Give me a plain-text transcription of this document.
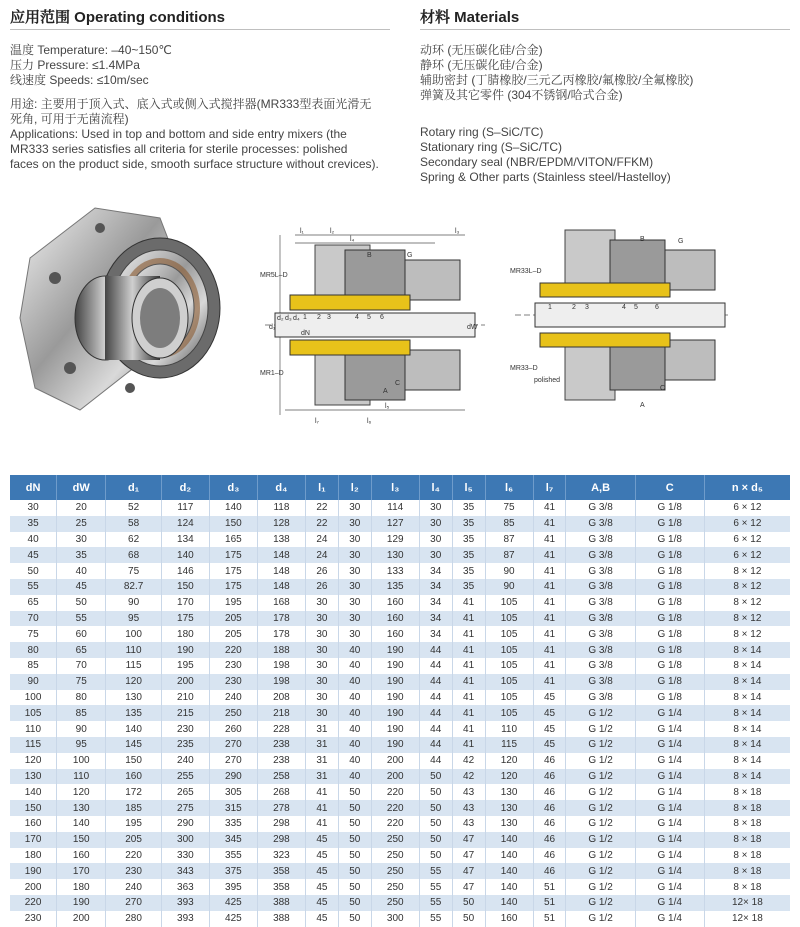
应用范围 Operating conditions
温度 Temperature: –40~150℃
压力 Pressure: ≤1.4MPa
线速度 Speeds: ≤10m/sec
用途: 主要用于顶入式、底入式或侧入式搅拌器(MR333型表面光滑无
死角, 可用于无菌流程)
Applications: Used in top and bottom and side entry mixers (the
MR333 series satisfies all criteria for sterile processes: polished
faces on the product side, smooth surface structure without crevices).
材料 Materials
动环 (无压碳化硅/合金)
静环 (无压碳化硅/合金)
辅助密封 (丁腈橡胶/三元乙丙橡胶/氟橡胶/全氟橡胶)
弹簧及其它零件 (304不锈钢/哈式合金)
Rotary ring (S–SiC/TC)
Stationary ring (S–SiC/TC)
Secondary seal (NBR/EPDM/VITON/FFKM)
Spring & Other parts (Stainless steel/Hastelloy)
MR5L–D
MR1–D
B	G
A
C
l₁	l₂	l₃
l₄
l₅
l₆
l₇
d₁
d₂ d₃ d₄
dW
dN
1 2 3	4 5 6
MR33L–D
MR33–D
polished
B	G
A
C
1	2 3	4 5 6
dN	dW	d₁	d₂	d₃	d₄	l₁	l₂	l₃	l₄	l₅	l₆	l₇	A,B	C	n × d₅
30	20	52	117	140	118	22	30	114	30	35	75	41	G 3/8	G 1/8	6 × 12
35	25	58	124	150	128	22	30	127	30	35	85	41	G 3/8	G 1/8	6 × 12
40	30	62	134	165	138	24	30	129	30	35	87	41	G 3/8	G 1/8	6 × 12
45	35	68	140	175	148	24	30	130	30	35	87	41	G 3/8	G 1/8	6 × 12
50	40	75	146	175	148	26	30	133	34	35	90	41	G 3/8	G 1/8	8 × 12
55	45	82.7	150	175	148	26	30	135	34	35	90	41	G 3/8	G 1/8	8 × 12
65	50	90	170	195	168	30	30	160	34	41	105	41	G 3/8	G 1/8	8 × 12
70	55	95	175	205	178	30	30	160	34	41	105	41	G 3/8	G 1/8	8 × 12
75	60	100	180	205	178	30	30	160	34	41	105	41	G 3/8	G 1/8	8 × 12
80	65	110	190	220	188	30	40	190	44	41	105	41	G 3/8	G 1/8	8 × 14
85	70	115	195	230	198	30	40	190	44	41	105	41	G 3/8	G 1/8	8 × 14
90	75	120	200	230	198	30	40	190	44	41	105	41	G 3/8	G 1/8	8 × 14
100	80	130	210	240	208	30	40	190	44	41	105	45	G 3/8	G 1/8	8 × 14
105	85	135	215	250	218	30	40	190	44	41	105	45	G 1/2	G 1/4	8 × 14
110	90	140	230	260	228	31	40	190	44	41	110	45	G 1/2	G 1/4	8 × 14
115	95	145	235	270	238	31	40	190	44	41	115	45	G 1/2	G 1/4	8 × 14
120	100	150	240	270	238	31	40	200	44	42	120	46	G 1/2	G 1/4	8 × 14
130	110	160	255	290	258	31	40	200	50	42	120	46	G 1/2	G 1/4	8 × 14
140	120	172	265	305	268	41	50	220	50	43	130	46	G 1/2	G 1/4	8 × 18
150	130	185	275	315	278	41	50	220	50	43	130	46	G 1/2	G 1/4	8 × 18
160	140	195	290	335	298	41	50	220	50	43	130	46	G 1/2	G 1/4	8 × 18
170	150	205	300	345	298	45	50	250	50	47	140	46	G 1/2	G 1/4	8 × 18
180	160	220	330	355	323	45	50	250	50	47	140	46	G 1/2	G 1/4	8 × 18
190	170	230	343	375	358	45	50	250	55	47	140	46	G 1/2	G 1/4	8 × 18
200	180	240	363	395	358	45	50	250	55	47	140	51	G 1/2	G 1/4	8 × 18
220	190	270	393	425	388	45	50	250	55	50	140	51	G 1/2	G 1/4	12× 18
230	200	280	393	425	388	45	50	300	55	50	160	51	G 1/2	G 1/4	12× 18
